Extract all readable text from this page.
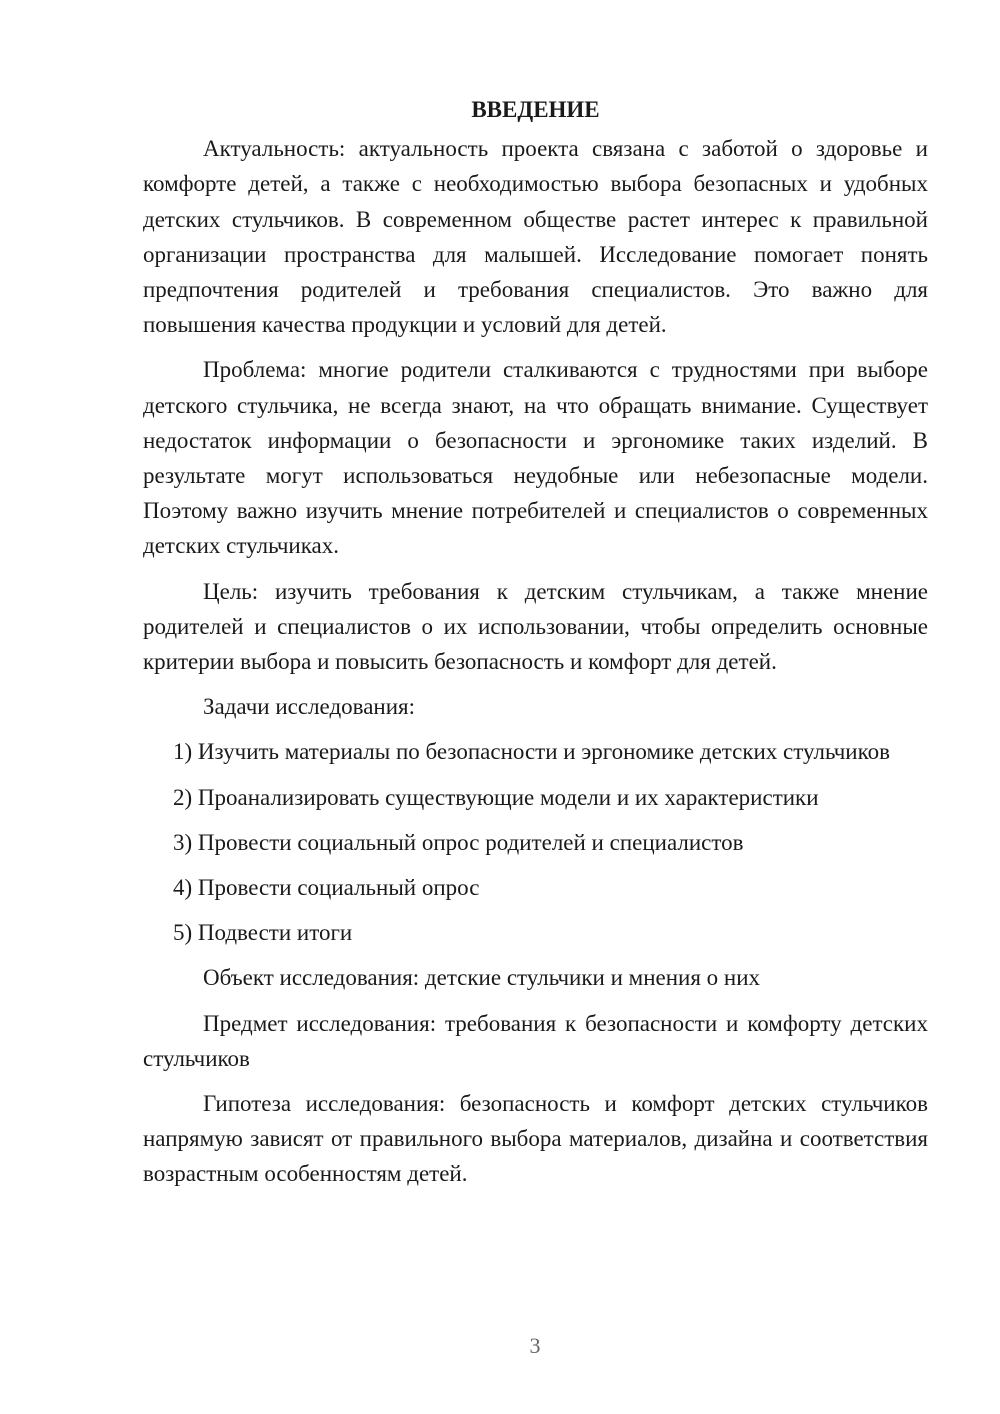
ВВЕДЕНИЕ

Актуальность: актуальность проекта связана с заботой о здоровье и комфорте детей, а также с необходимостью выбора безопасных и удобных детских стульчиков. В современном обществе растет интерес к правильной организации пространства для малышей. Исследование помогает понять предпочтения родителей и требования специалистов. Это важно для повышения качества продукции и условий для детей.

Проблема: многие родители сталкиваются с трудностями при выборе детского стульчика, не всегда знают, на что обращать внимание. Существует недостаток информации о безопасности и эргономике таких изделий. В результате могут использоваться неудобные или небезопасные модели. Поэтому важно изучить мнение потребителей и специалистов о современных детских стульчиках.

Цель: изучить требования к детским стульчикам, а также мнение родителей и специалистов о их использовании, чтобы определить основные критерии выбора и повысить безопасность и комфорт для детей.

Задачи исследования:

1) Изучить материалы по безопасности и эргономике детских стульчиков

2) Проанализировать существующие модели и их характеристики

3) Провести социальный опрос родителей и специалистов

4) Провести социальный опрос

5) Подвести итоги

Объект исследования: детские стульчики и мнения о них

Предмет исследования: требования к безопасности и комфорту детских стульчиков

Гипотеза исследования: безопасность и комфорт детских стульчиков напрямую зависят от правильного выбора материалов, дизайна и соответствия возрастным особенностям детей.

3
